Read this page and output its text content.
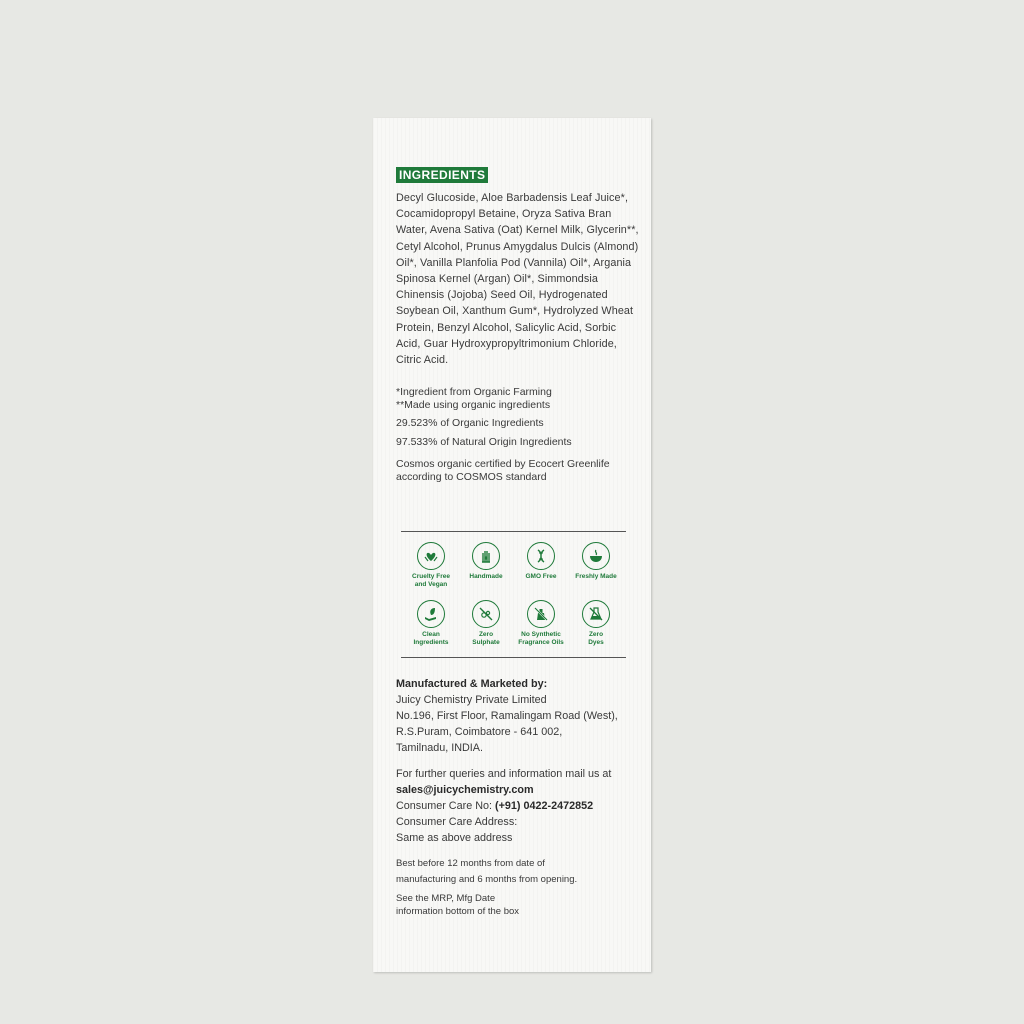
INGREDIENTS
Decyl Glucoside, Aloe Barbadensis Leaf Juice*, Cocamidopropyl Betaine, Oryza Sativa Bran Water, Avena Sativa (Oat) Kernel Milk, Glycerin**, Cetyl Alcohol, Prunus Amygdalus Dulcis (Almond) Oil*, Vanilla Planfolia Pod (Vannila) Oil*, Argania Spinosa Kernel (Argan) Oil*, Simmondsia Chinensis (Jojoba) Seed Oil, Hydrogenated Soybean Oil, Xanthum Gum*, Hydrolyzed Wheat Protein, Benzyl Alcohol, Salicylic Acid, Sorbic Acid, Guar Hydroxypropyltrimonium Chloride, Citric Acid.

*Ingredient from Organic Farming

**Made using organic ingredients

29.523% of Organic Ingredients
97.533% of Natural Origin Ingredients
Cosmos organic certified by Ecocert Greenlife
according to COSMOS standard
Cruelty Free
and Vegan
Handmade	GMO Free	Freshly Made
Clean
Ingredients
Zero
Sulphate
No Synthetic
Fragrance Oils
Zero
Dyes

Manufactured & Marketed by:

Juicy Chemistry Private Limited

No.196, First Floor, Ramalingam Road (West),

R.S.Puram, Coimbatore - 641 002,

Tamilnadu, INDIA.

For further queries and information mail us at

sales@juicychemistry.com

Consumer Care No: (+91) 0422-2472852

Consumer Care Address:

Same as above address

Best before 12 months from date of

manufacturing and 6 months from opening.

See the MRP, Mfg Date

information bottom of the box
